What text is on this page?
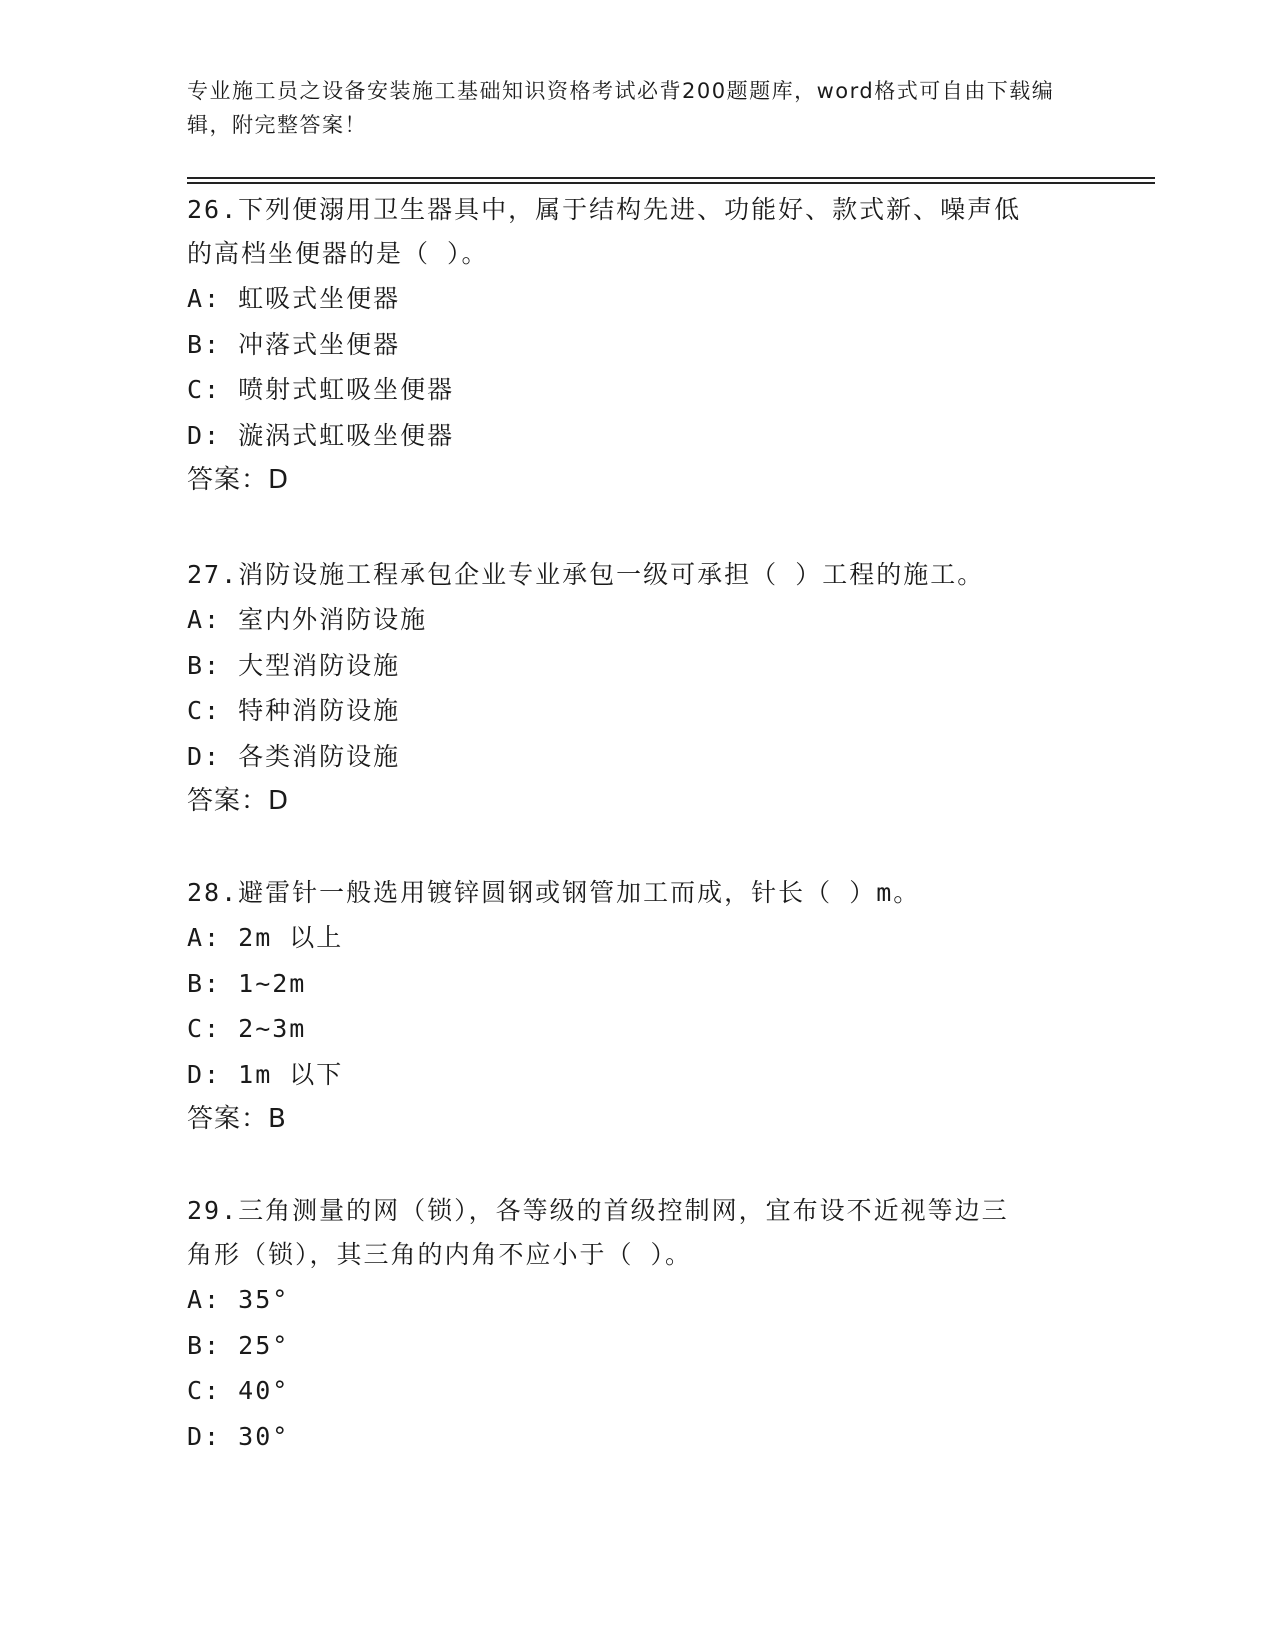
专业施工员之设备安装施工基础知识资格考试必背200题题库，word格式可自由下载编辑，附完整答案！

26.下列便溺用卫生器具中，属于结构先进、功能好、款式新、噪声低

的高档坐便器的是（ ）。

A: 虹吸式坐便器

B: 冲落式坐便器

C: 喷射式虹吸坐便器

D: 漩涡式虹吸坐便器

答案：D

27.消防设施工程承包企业专业承包一级可承担（ ）工程的施工。

A: 室内外消防设施

B: 大型消防设施

C: 特种消防设施

D: 各类消防设施

答案：D

28.避雷针一般选用镀锌圆钢或钢管加工而成，针长（ ）m。

A: 2m 以上

B: 1~2m

C: 2~3m

D: 1m 以下

答案：B

29.三角测量的网（锁），各等级的首级控制网，宜布设不近视等边三

角形（锁），其三角的内角不应小于（ ）。

A: 35°

B: 25°

C: 40°

D: 30°
